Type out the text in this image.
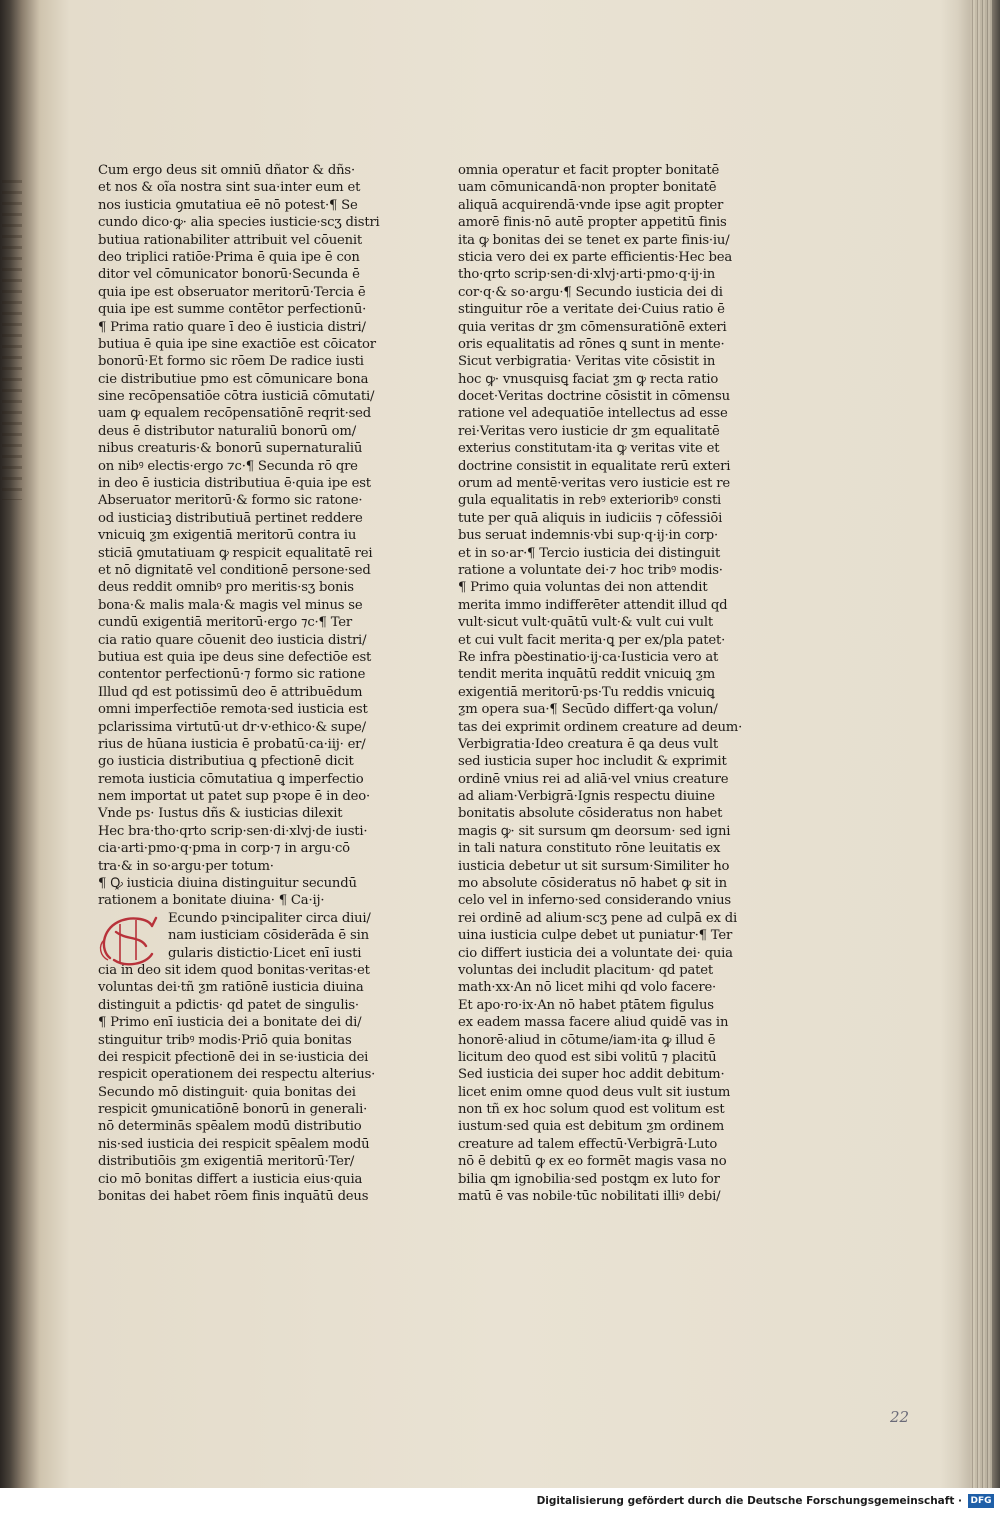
Cum ergo deus sit omniū dñator & dñs·
et nos & oĩa nostra sint sua·inter eum et
nos iusticia ꝯmutatiua eē nō potest·¶ Se
cundo dico·ꝙ· alia species iusticie·scʒ distri
butiua rationabiliter attribuit vel cōuenit
deo triplici ratiōe·Prima ē quia ipe ē con
ditor vel cōmunicator bonorū·Secunda ē
quia ipe est obseruator meritorū·Tercia ē
quia ipe est summe contētor perfectionū·
¶ Prima ratio quare ī deo ē iusticia distri/
butiua ē quia ipe sine exactiōe est cōicator
bonorū·Et formo sic rōem De radice iusti
cie distributiue pmo est cōmunicare bona
sine recōpensatiōe cōtra iusticiā cōmutati/
uam ꝙ equalem recōpensatiōnē reqrit·sed
deus ē distributor naturaliū bonorū om/
nibus creaturis·& bonorū supernaturaliū
on nibꝰ electis·ergo ⁊c·¶ Secunda rō qre
in deo ē iusticia distributiua ē·quia ipe est
Abseruator meritorū·& formo sic ratone·
od iusticiaꝫ distributiuā pertinet reddere
vnicuiꝗ ƺm exigentiā meritorū contra iu
sticiā ꝯmutatiuam ꝙ respicit equalitatē rei
et nō dignitatē vel conditionē persone·sed
deus reddit omnibꝰ pro meritis·sʒ bonis
bona·& malis mala·& magis vel minus se
cundū exigentiā meritorū·ergo ⁊c·¶ Ter
cia ratio quare cōuenit deo iusticia distri/
butiua est quia ipe deus sine defectiōe est
contentor perfectionū·⁊ formo sic ratione
Illud qd est potissimū deo ē attribuēdum
omni imperfectiōe remota·sed iusticia est
pclarissima virtutū·ut dr·v·ethico·& supe/
rius de hūana iusticia ē probatū·ca·iij· er/
go iusticia distributiua ꝗ pfectionē dicit
remota iusticia cōmutatiua ꝗ imperfectio
nem importat ut patet sup pꝛope ē in deo·
Vnde ps· Iustus dñs & iusticias dilexit
Hec bra·tho·qrto scrip·sen·di·xlvj·de iusti·
cia·arti·pmo·q·pma in corp·⁊ in argu·cō
tra·& in so·argu·per totum·
¶ Ꝙ iusticia diuina distinguitur secundū
rationem a bonitate diuina· ¶ Ca·ij·
Ecundo pꝛincipaliter circa diui/
nam iusticiam cōsiderāda ē sin
gularis distictio·Licet enī iusti
cia in deo sit idem quod bonitas·veritas·et
voluntas dei·tñ ƺm ratiōnē iusticia diuina
distinguit a pdictis· qd patet de singulis·
¶ Primo enī iusticia dei a bonitate dei di/
stinguitur tribꝰ modis·Priō quia bonitas
dei respicit pfectionē dei in se·iusticia dei
respicit operationem dei respectu alterius·
Secundo mō distinguit· quia bonitas dei
respicit ꝯmunicatiōnē bonorū in generali·
nō determinās spēalem modū distributio
nis·sed iusticia dei respicit spēalem modū
distributiōis ƺm exigentiā meritorū·Ter/
cio mō bonitas differt a iusticia eius·quia
bonitas dei habet rōem finis inquātū deus
omnia operatur et facit propter bonitatē
uam cōmunicandā·non propter bonitatē
aliquā acquirendā·vnde ipse agit propter
amorē finis·nō autē propter appetitū finis
ita ꝙ bonitas dei se tenet ex parte finis·iu/
sticia vero dei ex parte efficientis·Hec bea
tho·qrto scrip·sen·di·xlvj·arti·pmo·q·ij·in
cor·q·& so·argu·¶ Secundo iusticia dei di
stinguitur rōe a veritate dei·Cuius ratio ē
quia veritas dr ƺm cōmensuratiōnē exteri
oris equalitatis ad rōnes ꝗ sunt in mente·
Sicut verbigratia· Veritas vite cōsistit in
hoc ꝙ· vnusquisꝗ faciat ƺm ꝙ recta ratio
docet·Veritas doctrine cōsistit in cōmensu
ratione vel adequatiōe intellectus ad esse
rei·Veritas vero iusticie dr ƺm equalitatē
exterius constitutam·ita ꝙ veritas vite et
doctrine consistit in equalitate rerū exteri
orum ad mentē·veritas vero iusticie est re
gula equalitatis in rebꝰ exterioribꝰ consti
tute per quā aliquis in iudiciis ⁊ cōfessiōi
bus seruat indemnis·vbi sup·q·ij·in corp·
et in so·ar·¶ Tercio iusticia dei distinguit
ratione a voluntate dei·⁊ hoc tribꝰ modis·
¶ Primo quia voluntas dei non attendit
merita immo indifferēter attendit illud qd
vult·sicut vult·quātū vult·& vult cui vult
et cui vult facit merita·ꝗ per ex/pla patet·
Re infra pꝺestinatio·ij·ca·Iusticia vero at
tendit merita inquātū reddit vnicuiꝗ ƺm
exigentiā meritorū·ps·Tu reddis vnicuiꝗ
ƺm opera sua·¶ Secūdo differt·ꝗa volun/
tas dei exprimit ordinem creature ad deum·
Verbigratia·Ideo creatura ē ꝗa deus vult
sed iusticia super hoc includit & exprimit
ordinē vnius rei ad aliā·vel vnius creature
ad aliam·Verbigrā·Ignis respectu diuine
bonitatis absolute cōsideratus non habet
magis ꝙ· sit sursum ꝗm deorsum· sed igni
in tali natura constituto rōne leuitatis ex
iusticia debetur ut sit sursum·Similiter ho
mo absolute cōsideratus nō habet ꝙ sit in
celo vel in inferno·sed considerando vnius
rei ordinē ad alium·scʒ pene ad culpā ex di
uina iusticia culpe debet ut puniatur·¶ Ter
cio differt iusticia dei a voluntate dei· quia
voluntas dei includit placitum· qd patet
math·xx·An nō licet mihi qd volo facere·
Et apo·ro·ix·An nō habet ptātem figulus
ex eadem massa facere aliud quidē vas in
honorē·aliud in cōtume/iam·ita ꝙ illud ē
licitum deo quod est sibi volitū ⁊ placitū
Sed iusticia dei super hoc addit debitum·
licet enim omne quod deus vult sit iustum
non tñ ex hoc solum quod est volitum est
iustum·sed quia est debitum ƺm ordinem
creature ad talem effectū·Verbigrā·Luto
nō ē debitū ꝙ ex eo formēt magis vasa no
bilia ꝗm ignobilia·sed postꝗm ex luto for
matū ē vas nobile·tūc nobilitati illiꝰ debi/
22
Digitalisierung gefördert durch die Deutsche Forschungsgemeinschaft · DFG
